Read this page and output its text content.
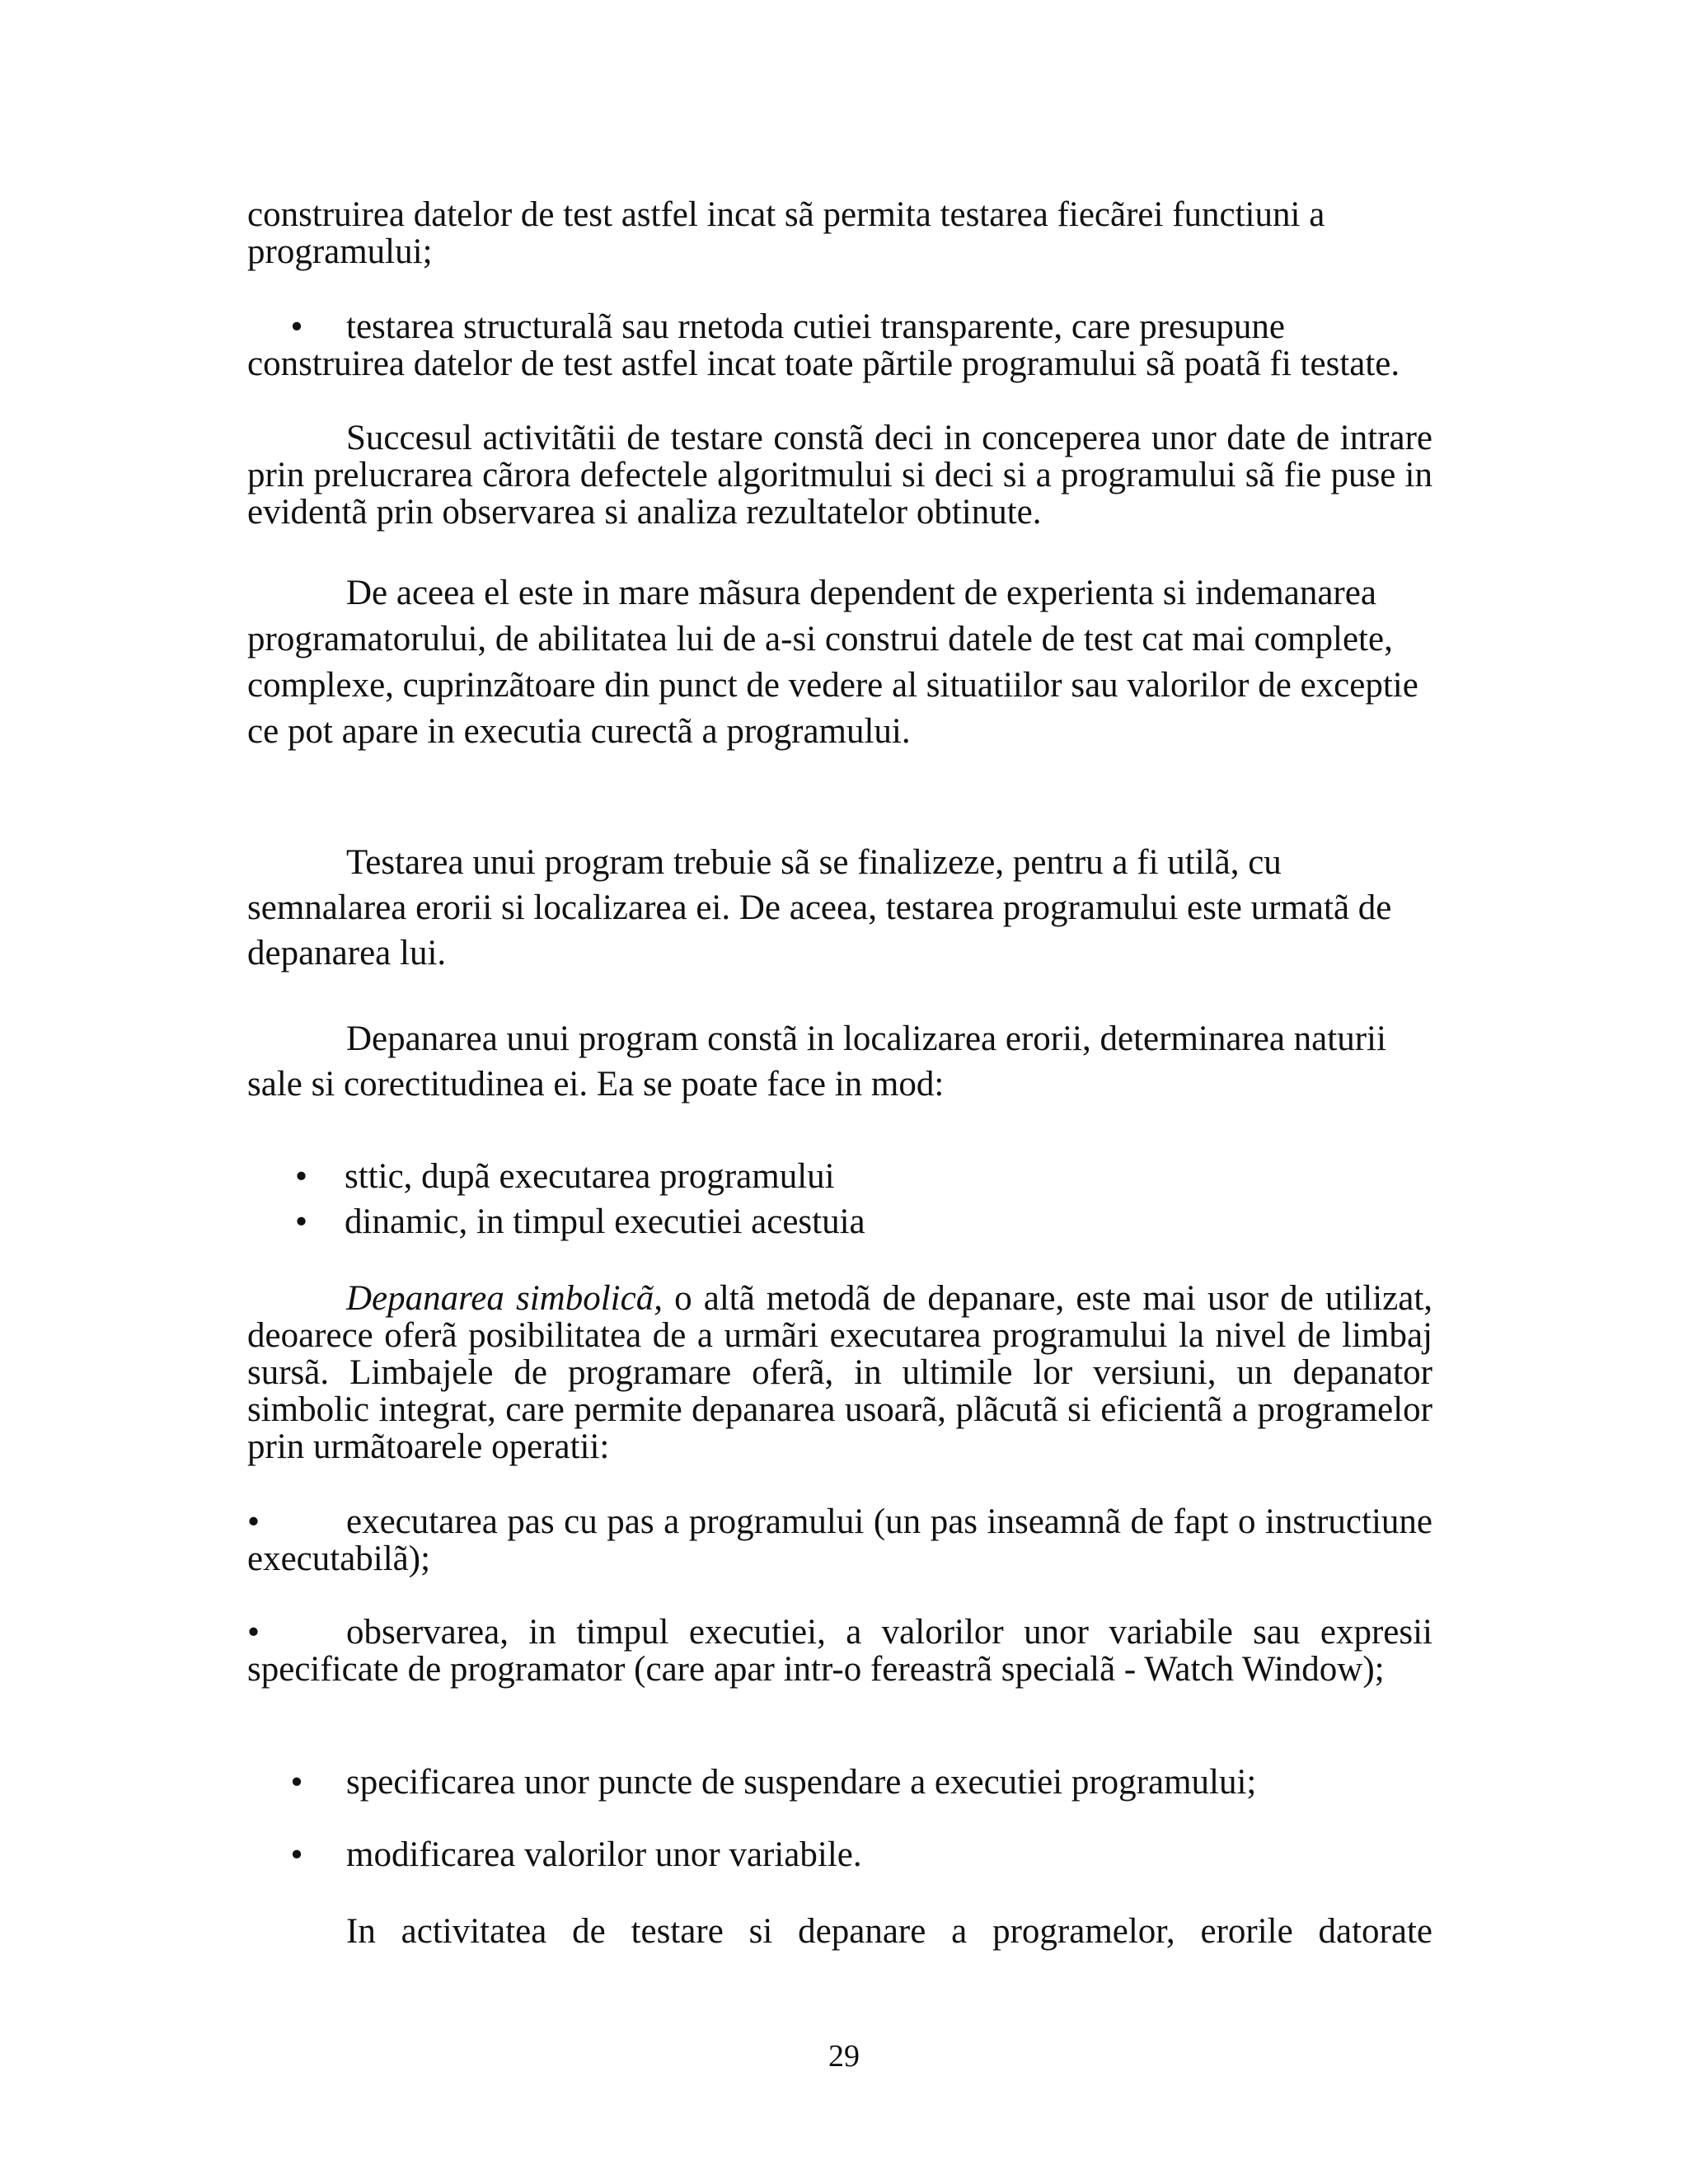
construirea datelor de test astfel incat sã permita testarea fiecãrei functiuni a programului;

• testarea structuralã sau rnetoda cutiei transparente, care presupune construirea datelor de test astfel incat toate pãrtile programului sã poatã fi testate.

Succesul activitãtii de testare constã deci in conceperea unor date de intrare prin prelucrarea cãrora defectele algoritmului si deci si a programului sã fie puse in evidentã prin observarea si analiza rezultatelor obtinute.

De aceea el este in mare mãsura dependent de experienta si indemanarea programatorului, de abilitatea lui de a-si construi datele de test cat mai complete, complexe, cuprinzãtoare din punct de vedere al situatiilor sau valorilor de exceptie ce pot apare in executia curectã a programului.

Testarea unui program trebuie sã se finalizeze, pentru a fi utilã, cu semnalarea erorii si localizarea ei. De aceea, testarea programului este urmatã de depanarea lui.

Depanarea unui program constã in localizarea erorii, determinarea naturii sale si corectitudinea ei. Ea se poate face in mod:

• sttic, dupã executarea programului
• dinamic, in timpul executiei acestuia

Depanarea simbolicã, o altã metodã de depanare, este mai usor de utilizat, deoarece oferã posibilitatea de a urmãri executarea programului la nivel de limbaj sursã. Limbajele de programare oferã, in ultimile lor versiuni, un depanator simbolic integrat, care permite depanarea usoarã, plãcutã si eficientã a programelor prin urmãtoarele operatii:

• executarea pas cu pas a programului (un pas inseamnã de fapt o instructiune executabilã);

• observarea, in timpul executiei, a valorilor unor variabile sau expresii specificate de programator (care apar intr-o fereastrã specialã - Watch Window);

• specificarea unor puncte de suspendare a executiei programului;

• modificarea valorilor unor variabile.

In activitatea de testare si depanare a programelor, erorile datorate

29
